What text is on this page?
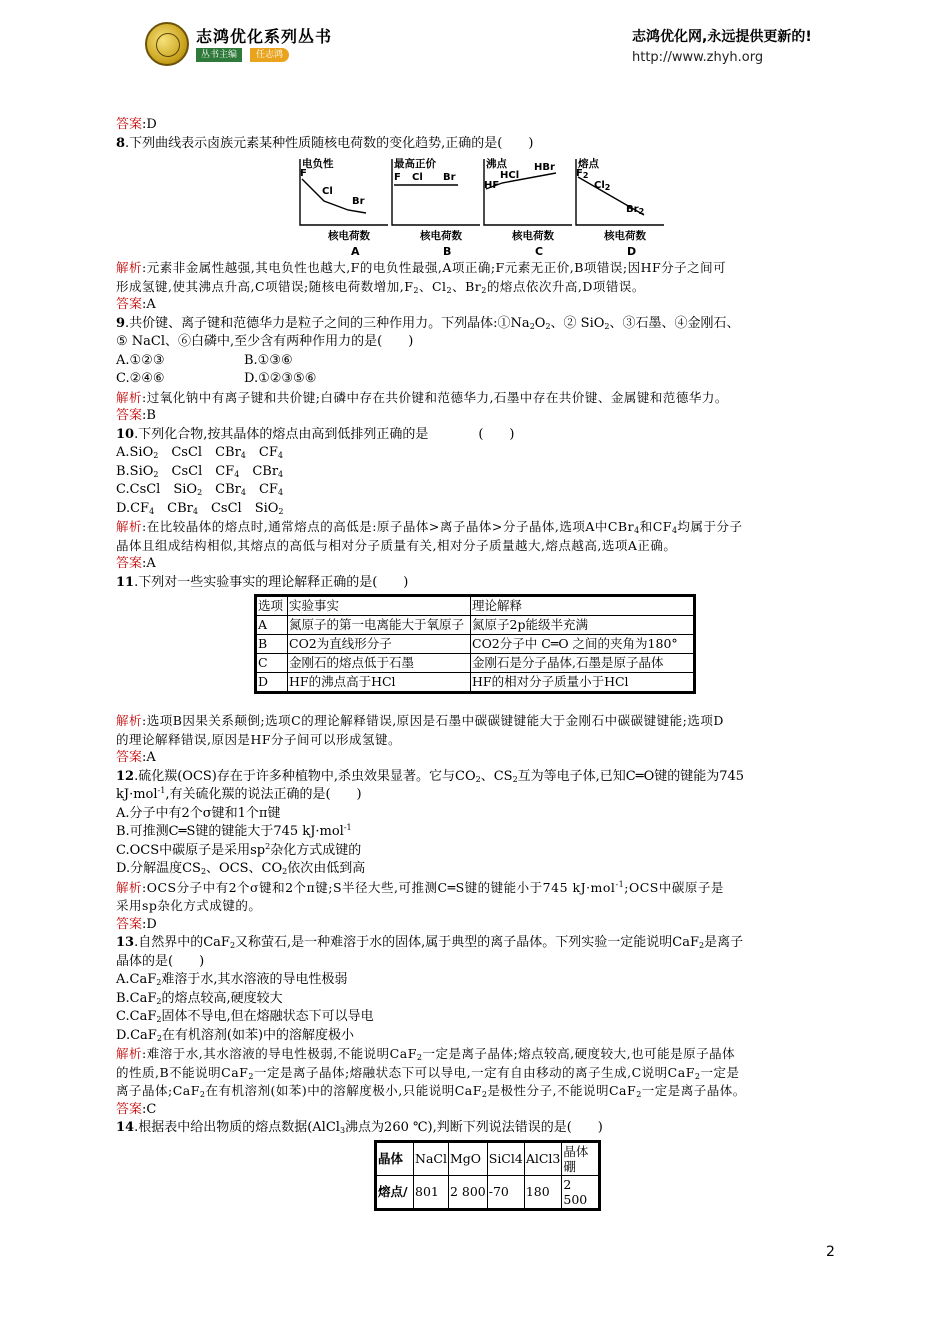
志鸿优化系列丛书
丛书主编	任志鸿
志鸿优化网,永远提供更新的!
http://www.zhyh.org
答案:D
8.下列曲线表示卤族元素某种性质随核电荷数的变化趋势,正确的是(　　)
电负性
F
Cl
Br
核电荷数
A
最高正价
F Cl Br
核电荷数
B
沸点
HF
HCl
HBr
核电荷数
C
熔点
$F_2$
$Cl_2$
$Br_2$
核电荷数
D
解析:元素非金属性越强,其电负性也越大,F的电负性最强,A项正确;F元素无正价,B项错误;因HF分子之间可
形成氢键,使其沸点升高,C项错误;随核电荷数增加$,F_2$、$Cl_2$、$Br_2$的熔点依次升高,D项错误。
答案:A
9.共价键、离子键和范德华力是粒子之间的三种作用力。下列晶体$:①Na_2O_2$、② SiO$_2$、③石墨、④金刚石、
⑤ NaCl、⑥白磷中,至少含有两种作用力的是(　　)
A.①②③	B.①③⑥
C.②④⑥	D.①②③⑤⑥
解析:过氧化钠中有离子键和共价键;白磷中存在共价键和范德华力,石墨中存在共价键、金属键和范德华力。
答案:B
10.下列化合物,按其晶体的熔点由高到低排列正确的是	(　　)
A.SiO$_2$　CsCl　CBr$_4$　$CF_4$
B.SiO$_2$　CsCl　$CF_4$　CBr$_4$
C.CsCl　SiO$_2$　CBr$_4$　$CF_4$
$D.CF_4$　CBr$_4$　CsCl　SiO$_2$
解析:在比较晶体的熔点时,通常熔点的高低是:原子晶体>离子晶体>分子晶体,选项A中CBr$_4$和$CF_4$均属于分子
晶体且组成结构相似,其熔点的高低与相对分子质量有关,相对分子质量越大,熔点越高,选项A正确。
答案:A
11.下列对一些实验事实的理论解释正确的是(　　)
选项	实验事实	理论解释
A	氮原子的第一电离能大于氧原子	氮原子2p能级半充满
B	CO2为直线形分子	CO2分子中 C═O 之间的夹角为180°
C	金刚石的熔点低于石墨	金刚石是分子晶体,石墨是原子晶体
D	HF的沸点高于HCl	HF的相对分子质量小于HCl
解析:选项B因果关系颠倒;选项C的理论解释错误,原因是石墨中碳碳键键能大于金刚石中碳碳键键能;选项D
的理论解释错误,原因是HF分子间可以形成氢键。
答案:A
12.硫化羰(OCS)存在于许多种植物中,杀虫效果显著。它与$CO_2$、$CS_2$互为等电子体,已知C═O键的键能为745
kJ·mol$^{-1}$,有关硫化羰的说法正确的是(　　)
A.分子中有2个σ键和1个π键
B.可推测C═S键的键能大于745 kJ·mol$^{-1}$
C.OCS中碳原子是采用$sp^2$杂化方式成键的
D.分解温度$CS_2$、OCS、$CO_2$依次由低到高
解析:OCS分子中有2个σ键和2个π键;S半径大些,可推测C═S键的键能小于745 kJ·mol$^{-1}$;OCS中碳原子是
采用sp杂化方式成键的。
答案:D
13.自然界中的CaF$_2$又称萤石,是一种难溶于水的固体,属于典型的离子晶体。下列实验一定能说明CaF$_2$是离子
晶体的是(　　)
A.CaF$_2$难溶于水,其水溶液的导电性极弱
B.CaF$_2$的熔点较高,硬度较大
C.CaF$_2$固体不导电,但在熔融状态下可以导电
D.CaF$_2$在有机溶剂(如苯)中的溶解度极小
解析:难溶于水,其水溶液的导电性极弱,不能说明CaF$_2$一定是离子晶体;熔点较高,硬度较大,也可能是原子晶体
的性质,B不能说明CaF$_2$一定是离子晶体;熔融状态下可以导电,一定有自由移动的离子生成,C说明CaF$_2$一定是
离子晶体;CaF$_2$在有机溶剂(如苯)中的溶解度极小,只能说明CaF$_2$是极性分子,不能说明CaF$_2$一定是离子晶体。
答案:C
14.根据表中给出物质的熔点数据(AlCl$_3$沸点为260 ℃),判断下列说法错误的是(　　)
晶体	NaCl	MgO	SiCl4	AlCl3	晶体硼
熔点/	801	2 800	-70	180	2 500
2
